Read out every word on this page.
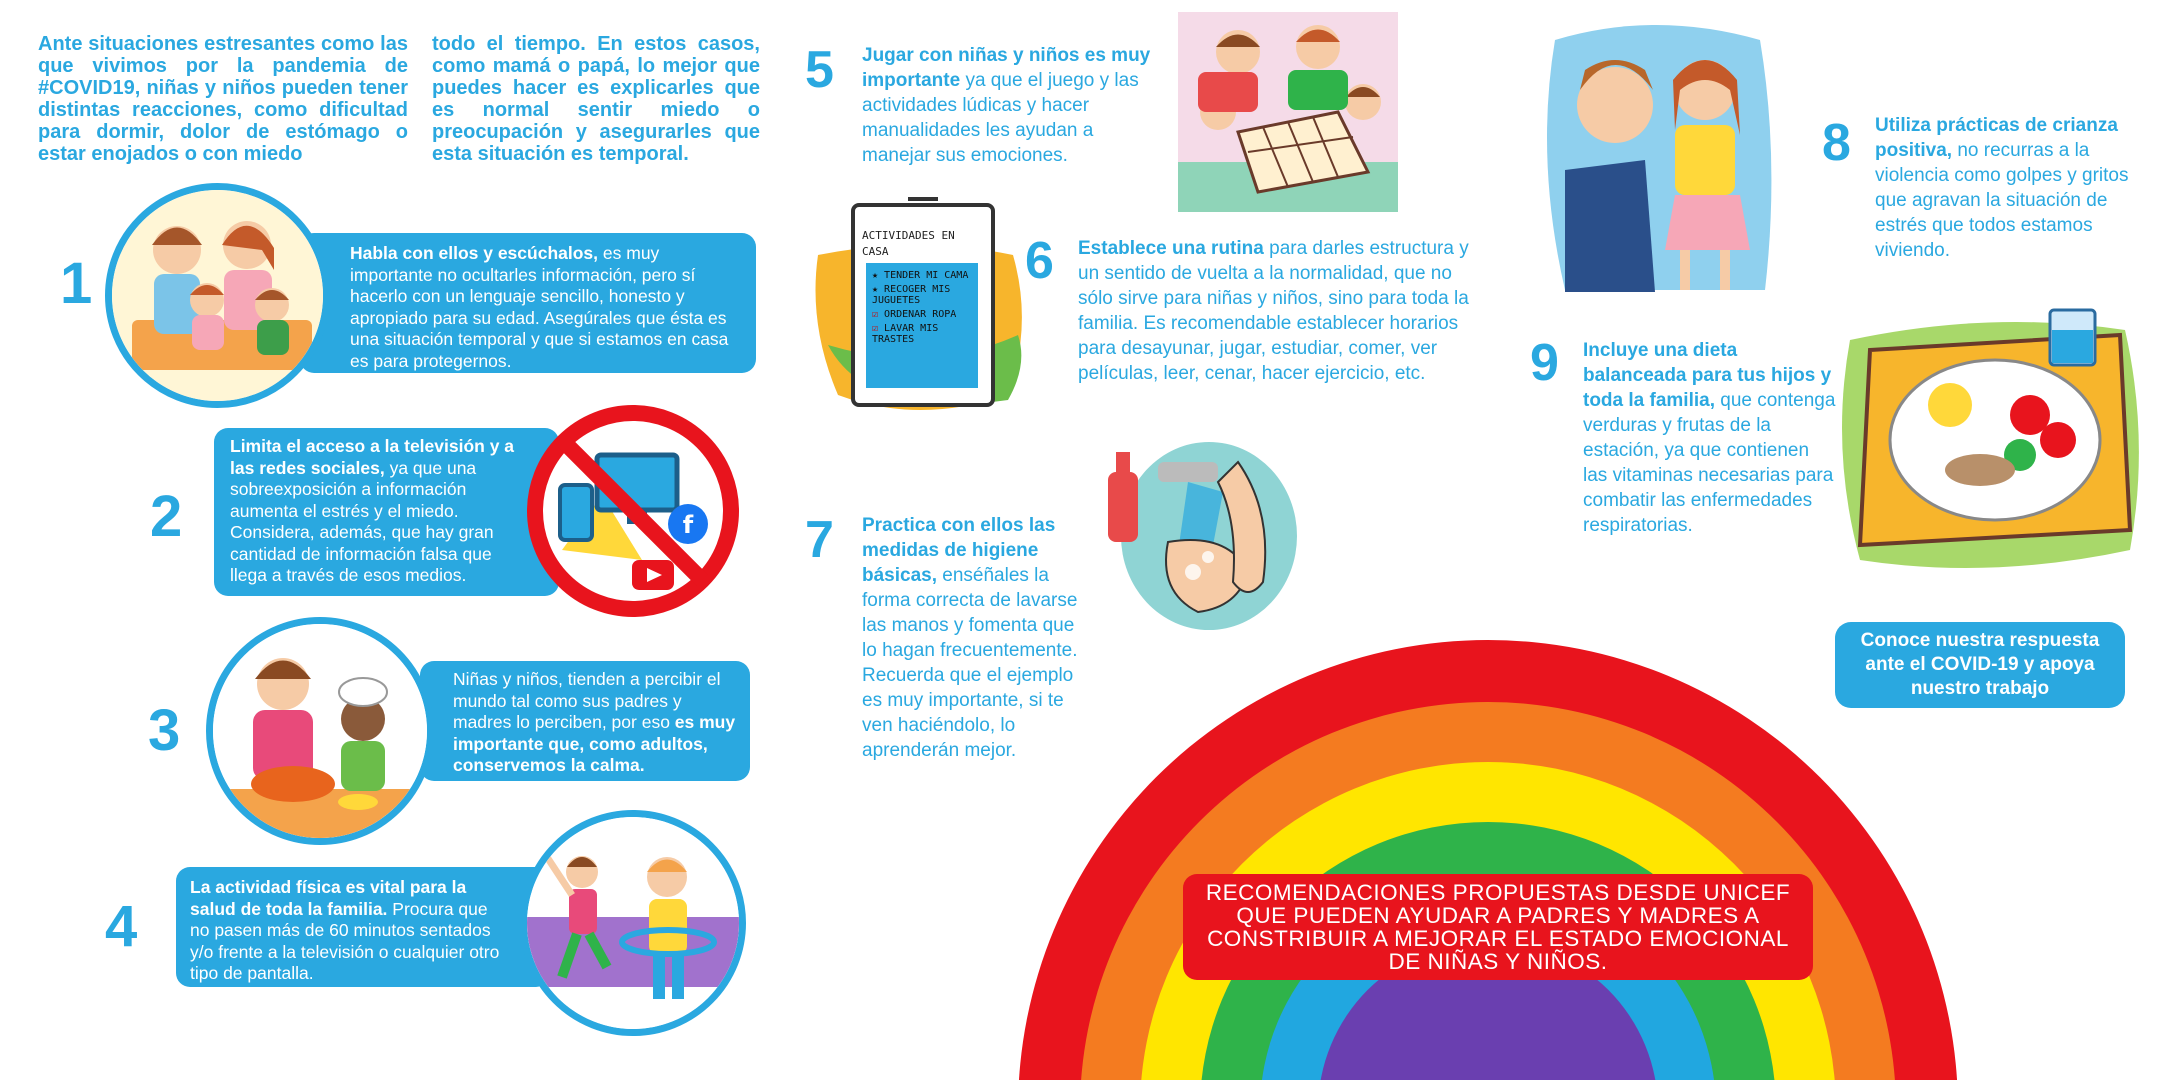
Ante situaciones estresantes como las que vivimos por la pandemia de #COVID19, niñas y niños pueden tener distintas reacciones, como dificultad para dormir, dolor de estómago o estar enojados o con miedo
todo el tiempo. En estos casos, como mamá o papá, lo mejor que puedes hacer es explicarles que es normal sentir miedo o preocupación y asegurarles que esta situación es temporal.
1	Habla con ellos y escúchalos, es muy importante no ocultarles información, pero sí hacerlo con un lenguaje sencillo, honesto y apropiado para su edad. Asegúrales que ésta es una situación temporal y que si estamos en casa es para protegernos.
2
Limita el acceso a la televisión y a las redes sociales, ya que una sobreexposición a información aumenta el estrés y el miedo. Considera, además, que hay gran cantidad de información falsa que llega a través de esos medios.
f
3
Niñas y niños, tienden a percibir el mundo tal como sus padres y madres lo perciben, por eso es muy importante que, como adultos, conservemos la calma.
4
La actividad física es vital para la salud de toda la familia. Procura que no pasen más de 60 minutos sentados y/o frente a la televisión o cualquier otro tipo de pantalla.
5 Jugar con niñas y niños es muy importante ya que el juego y las actividades lúdicas y hacer manualidades les ayudan a manejar sus emociones.
ACTIVIDADES EN CASA
★ TENDER MI CAMA
★ RECOGER MIS JUGUETES
☑ ORDENAR ROPA
☑ LAVAR MIS TRASTES
6 Establece una rutina para darles estructura y un sentido de vuelta a la normalidad, que no sólo sirve para niñas y niños, sino para toda la familia. Es recomendable establecer horarios para desayunar, jugar, estudiar, comer, ver películas, leer, cenar, hacer ejercicio, etc.
7 Practica con ellos las medidas de higiene básicas, enséñales la forma correcta de lavarse las manos y fomenta que lo hagan frecuentemente. Recuerda que el ejemplo es muy importante, si te ven haciéndolo, lo aprenderán mejor.
8 Utiliza prácticas de crianza positiva, no recurras a la violencia como golpes y gritos que agravan la situación de estrés que todos estamos viviendo.
9 Incluye una dieta balanceada para tus hijos y toda la familia, que contenga verduras y frutas de la estación, ya que contienen las vitaminas necesarias para combatir las enfermedades respiratorias.
Conoce nuestra respuesta ante el COVID-19 y apoya nuestro trabajo
RECOMENDACIONES PROPUESTAS DESDE UNICEF QUE PUEDEN AYUDAR A PADRES Y MADRES A CONSTRIBUIR A MEJORAR EL ESTADO EMOCIONAL DE NIÑAS Y NIÑOS.
